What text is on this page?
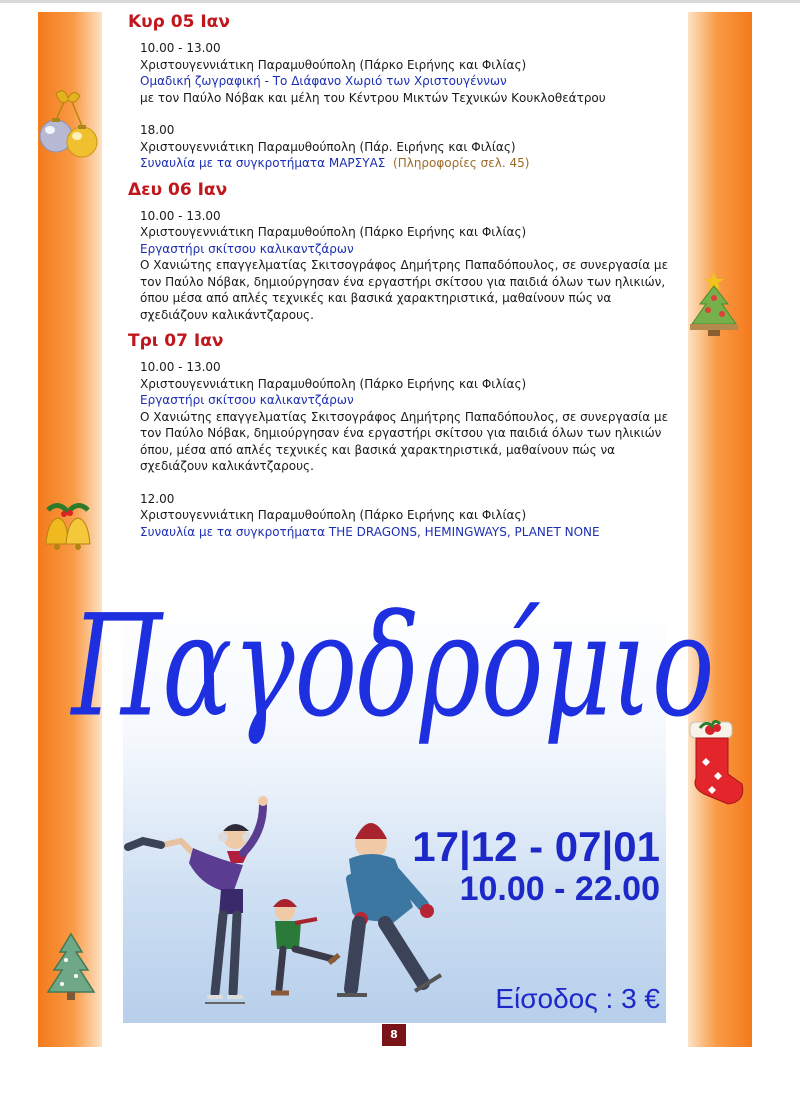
Κυρ 05 Ιαν

10.00 - 13.00

Χριστουγεννιάτικη Παραμυθούπολη (Πάρκο Ειρήνης και Φιλίας)

Ομαδική ζωγραφική - Το Διάφανο Χωριό των Χριστουγέννων

με τον Παύλο Νόβακ και μέλη του Κέντρου Μικτών Τεχνικών Κουκλοθεάτρου

18.00

Χριστουγεννιάτικη Παραμυθούπολη (Πάρ. Ειρήνης και Φιλίας)

Συναυλία με τα συγκροτήματα ΜΑΡΣΥΑΣ (Πληροφορίες σελ. 45)

Δευ 06 Ιαν

10.00 - 13.00

Χριστουγεννιάτικη Παραμυθούπολη (Πάρκο Ειρήνης και Φιλίας)

Εργαστήρι σκίτσου καλικαντζάρων

Ο Χανιώτης επαγγελματίας Σκιτσογράφος Δημήτρης Παπαδόπουλος, σε συνεργασία με τον Παύλο Νόβακ, δημιούργησαν ένα εργαστήρι σκίτσου για παιδιά όλων των ηλικιών, όπου μέσα από απλές τεχνικές και βασικά χαρακτηριστικά, μαθαίνουν πώς να σχεδιάζουν καλικάντζαρους.

Τρι 07 Ιαν

10.00 - 13.00

Χριστουγεννιάτικη Παραμυθούπολη (Πάρκο Ειρήνης και Φιλίας)

Εργαστήρι σκίτσου καλικαντζάρων

Ο Χανιώτης επαγγελματίας Σκιτσογράφος Δημήτρης Παπαδόπουλος, σε συνεργασία με τον Παύλο Νόβακ, δημιούργησαν ένα εργαστήρι σκίτσου για παιδιά όλων των ηλικιών όπου, μέσα από απλές τεχνικές και βασικά χαρακτηριστικά, μαθαίνουν πώς να σχεδιάζουν καλικάντζαρους.

12.00

Χριστουγεννιάτικη Παραμυθούπολη (Πάρκο Ειρήνης και Φιλίας)

Συναυλία με τα συγκροτήματα THE DRAGONS, HEMINGWAYS, PLANET NONE

Παγοδρόμιο
17|12 - 07|01
10.00 - 22.00
Είσοδος : 3 €
8
